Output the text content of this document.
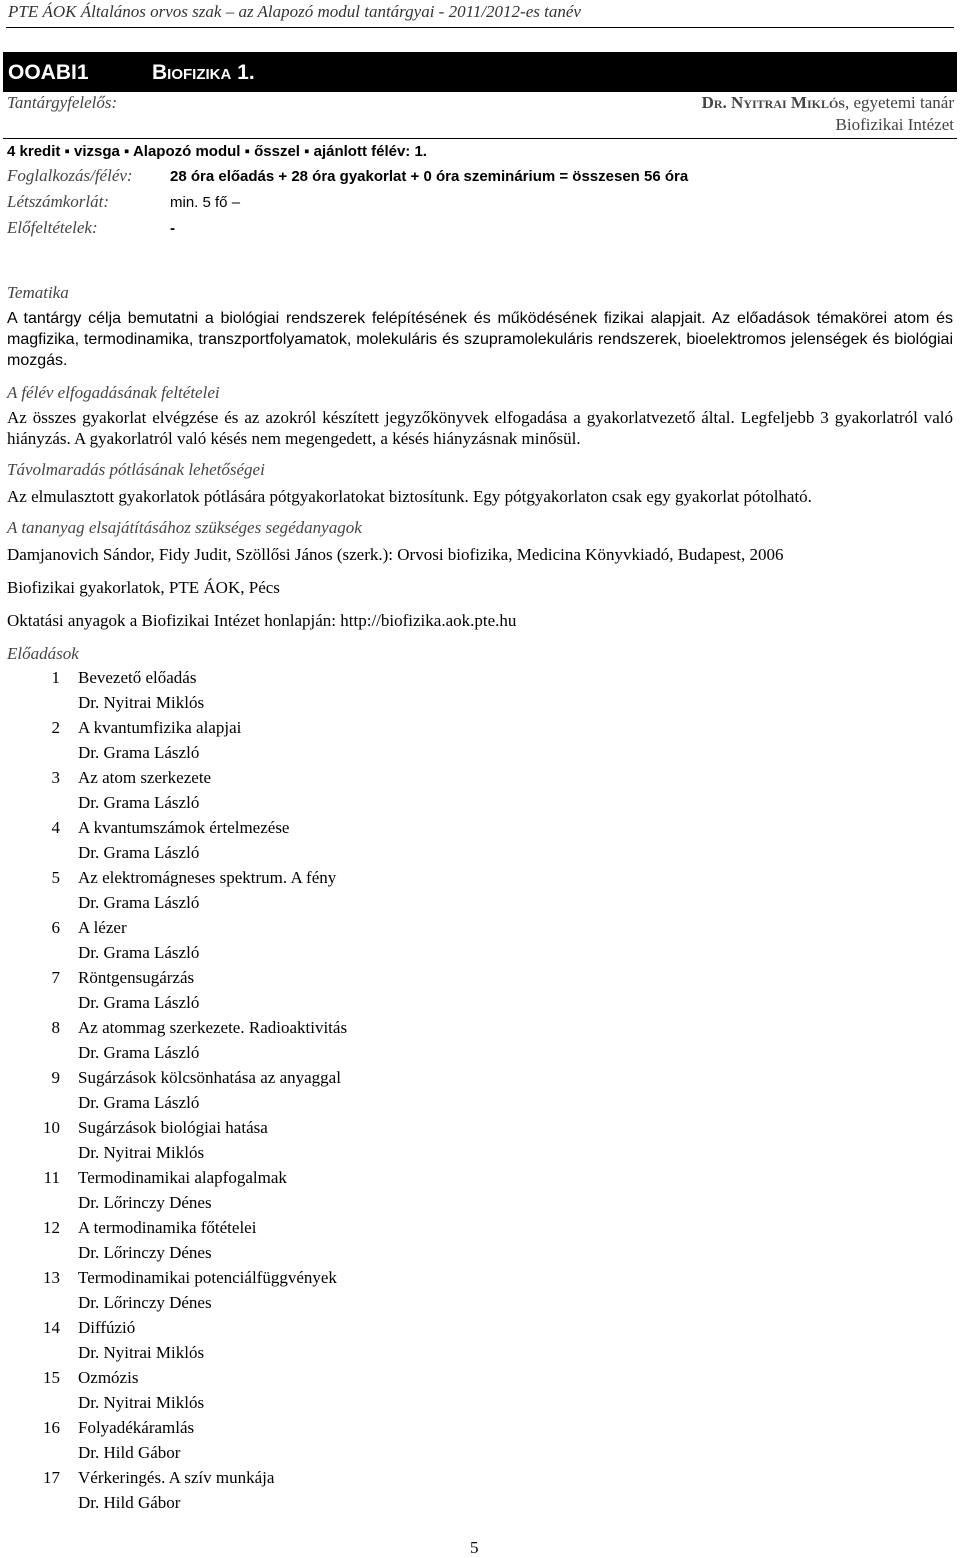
PTE ÁOK Általános orvos szak – az Alapozó modul tantárgyai - 2011/2012-es tanév
OOABI1	Biofizika 1.
Tantárgyfelelős:	Dr. Nyitrai Miklós, egyetemi tanár
Biofizikai Intézet
4 kredit ▪ vizsga ▪ Alapozó modul ▪ ősszel ▪ ajánlott félév: 1.
Foglalkozás/félév: 28 óra előadás + 28 óra gyakorlat + 0 óra szeminárium = összesen 56 óra
Létszámkorlát:	min. 5 fő –
Előfeltételek:	-
Tematika
A tantárgy célja bemutatni a biológiai rendszerek felépítésének és működésének fizikai alapjait. Az előadások témakörei atom és magfizika, termodinamika, transzportfolyamatok, molekuláris és szupramolekuláris rendszerek, bioelektromos jelenségek és biológiai mozgás.
A félév elfogadásának feltételei
Az összes gyakorlat elvégzése és az azokról készített jegyzőkönyvek elfogadása a gyakorlatvezető által. Legfeljebb 3 gyakorlatról való hiányzás. A gyakorlatról való késés nem megengedett, a késés hiányzásnak minősül.
Távolmaradás pótlásának lehetőségei
Az elmulasztott gyakorlatok pótlására pótgyakorlatokat biztosítunk. Egy pótgyakorlaton csak egy gyakorlat pótolható.
A tananyag elsajátításához szükséges segédanyagok
Damjanovich Sándor, Fidy Judit, Szöllősi János (szerk.): Orvosi biofizika, Medicina Könyvkiadó, Budapest, 2006
Biofizikai gyakorlatok, PTE ÁOK, Pécs
Oktatási anyagok a Biofizikai Intézet honlapján: http://biofizika.aok.pte.hu
Előadások
1 Bevezető előadás
Dr. Nyitrai Miklós
2 A kvantumfizika alapjai
Dr. Grama László
3 Az atom szerkezete
Dr. Grama László
4 A kvantumszámok értelmezése
Dr. Grama László
5 Az elektromágneses spektrum. A fény
Dr. Grama László
6 A lézer
Dr. Grama László
7 Röntgensugárzás
Dr. Grama László
8 Az atommag szerkezete. Radioaktivitás
Dr. Grama László
9 Sugárzások kölcsönhatása az anyaggal
Dr. Grama László
10 Sugárzások biológiai hatása
Dr. Nyitrai Miklós
11 Termodinamikai alapfogalmak
Dr. Lőrinczy Dénes
12 A termodinamika főtételei
Dr. Lőrinczy Dénes
13 Termodinamikai potenciálfüggvények
Dr. Lőrinczy Dénes
14 Diffúzió
Dr. Nyitrai Miklós
15 Ozmózis
Dr. Nyitrai Miklós
16 Folyadékáramlás
Dr. Hild Gábor
17 Vérkeringés. A szív munkája
Dr. Hild Gábor
5
